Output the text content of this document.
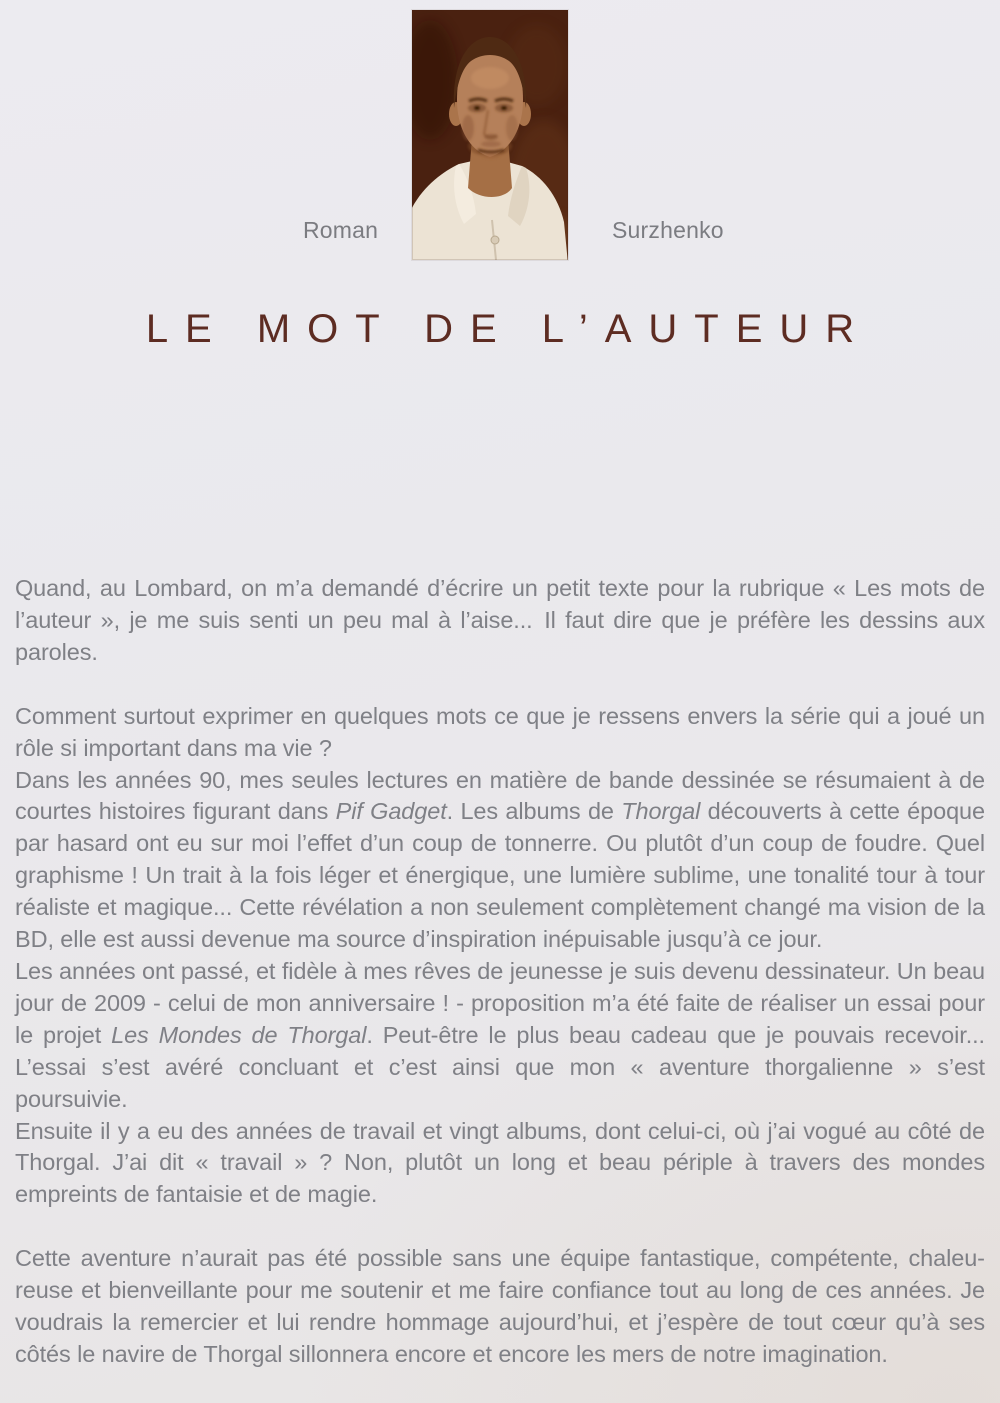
Roman	Surzhenko
LE MOT DE L’AUTEUR

Quand, au Lombard, on m’a demandé d’écrire un petit texte pour la rubrique « Les mots de l’auteur », je me suis senti un peu mal à l’aise... Il faut dire que je préfère les dessins aux paroles.

Comment surtout exprimer en quelques mots ce que je ressens envers la série qui a joué un rôle si important dans ma vie ?

Dans les années 90, mes seules lectures en matière de bande dessinée se résumaient à de courtes histoires figurant dans Pif Gadget. Les albums de Thorgal découverts à cette époque par hasard ont eu sur moi l’effet d’un coup de tonnerre. Ou plutôt d’un coup de foudre. Quel graphisme ! Un trait à la fois léger et énergique, une lumière sublime, une tonalité tour à tour réaliste et magique... Cette révélation a non seulement complètement changé ma vision de la BD, elle est aussi devenue ma source d’inspiration inépuisable jusqu’à ce jour.

Les années ont passé, et fidèle à mes rêves de jeunesse je suis devenu dessinateur. Un beau jour de 2009 - celui de mon anniversaire ! - proposition m’a été faite de réaliser un essai pour le projet Les Mondes de Thorgal. Peut-être le plus beau cadeau que je pouvais recevoir... L’essai s’est avéré concluant et c’est ainsi que mon « aventure thorgalienne » s’est poursuivie.

Ensuite il y a eu des années de travail et vingt albums, dont celui-ci, où j’ai vogué au côté de Thorgal. J’ai dit « travail » ? Non, plutôt un long et beau périple à travers des mondes empreints de fantaisie et de magie.

Cette aventure n’aurait pas été possible sans une équipe fantastique, compétente, chaleureuse et bienveillante pour me soutenir et me faire confiance tout au long de ces années. Je voudrais la remercier et lui rendre hommage aujourd’hui, et j’espère de tout cœur qu’à ses côtés le navire de Thorgal sillonnera encore et encore les mers de notre imagination.
